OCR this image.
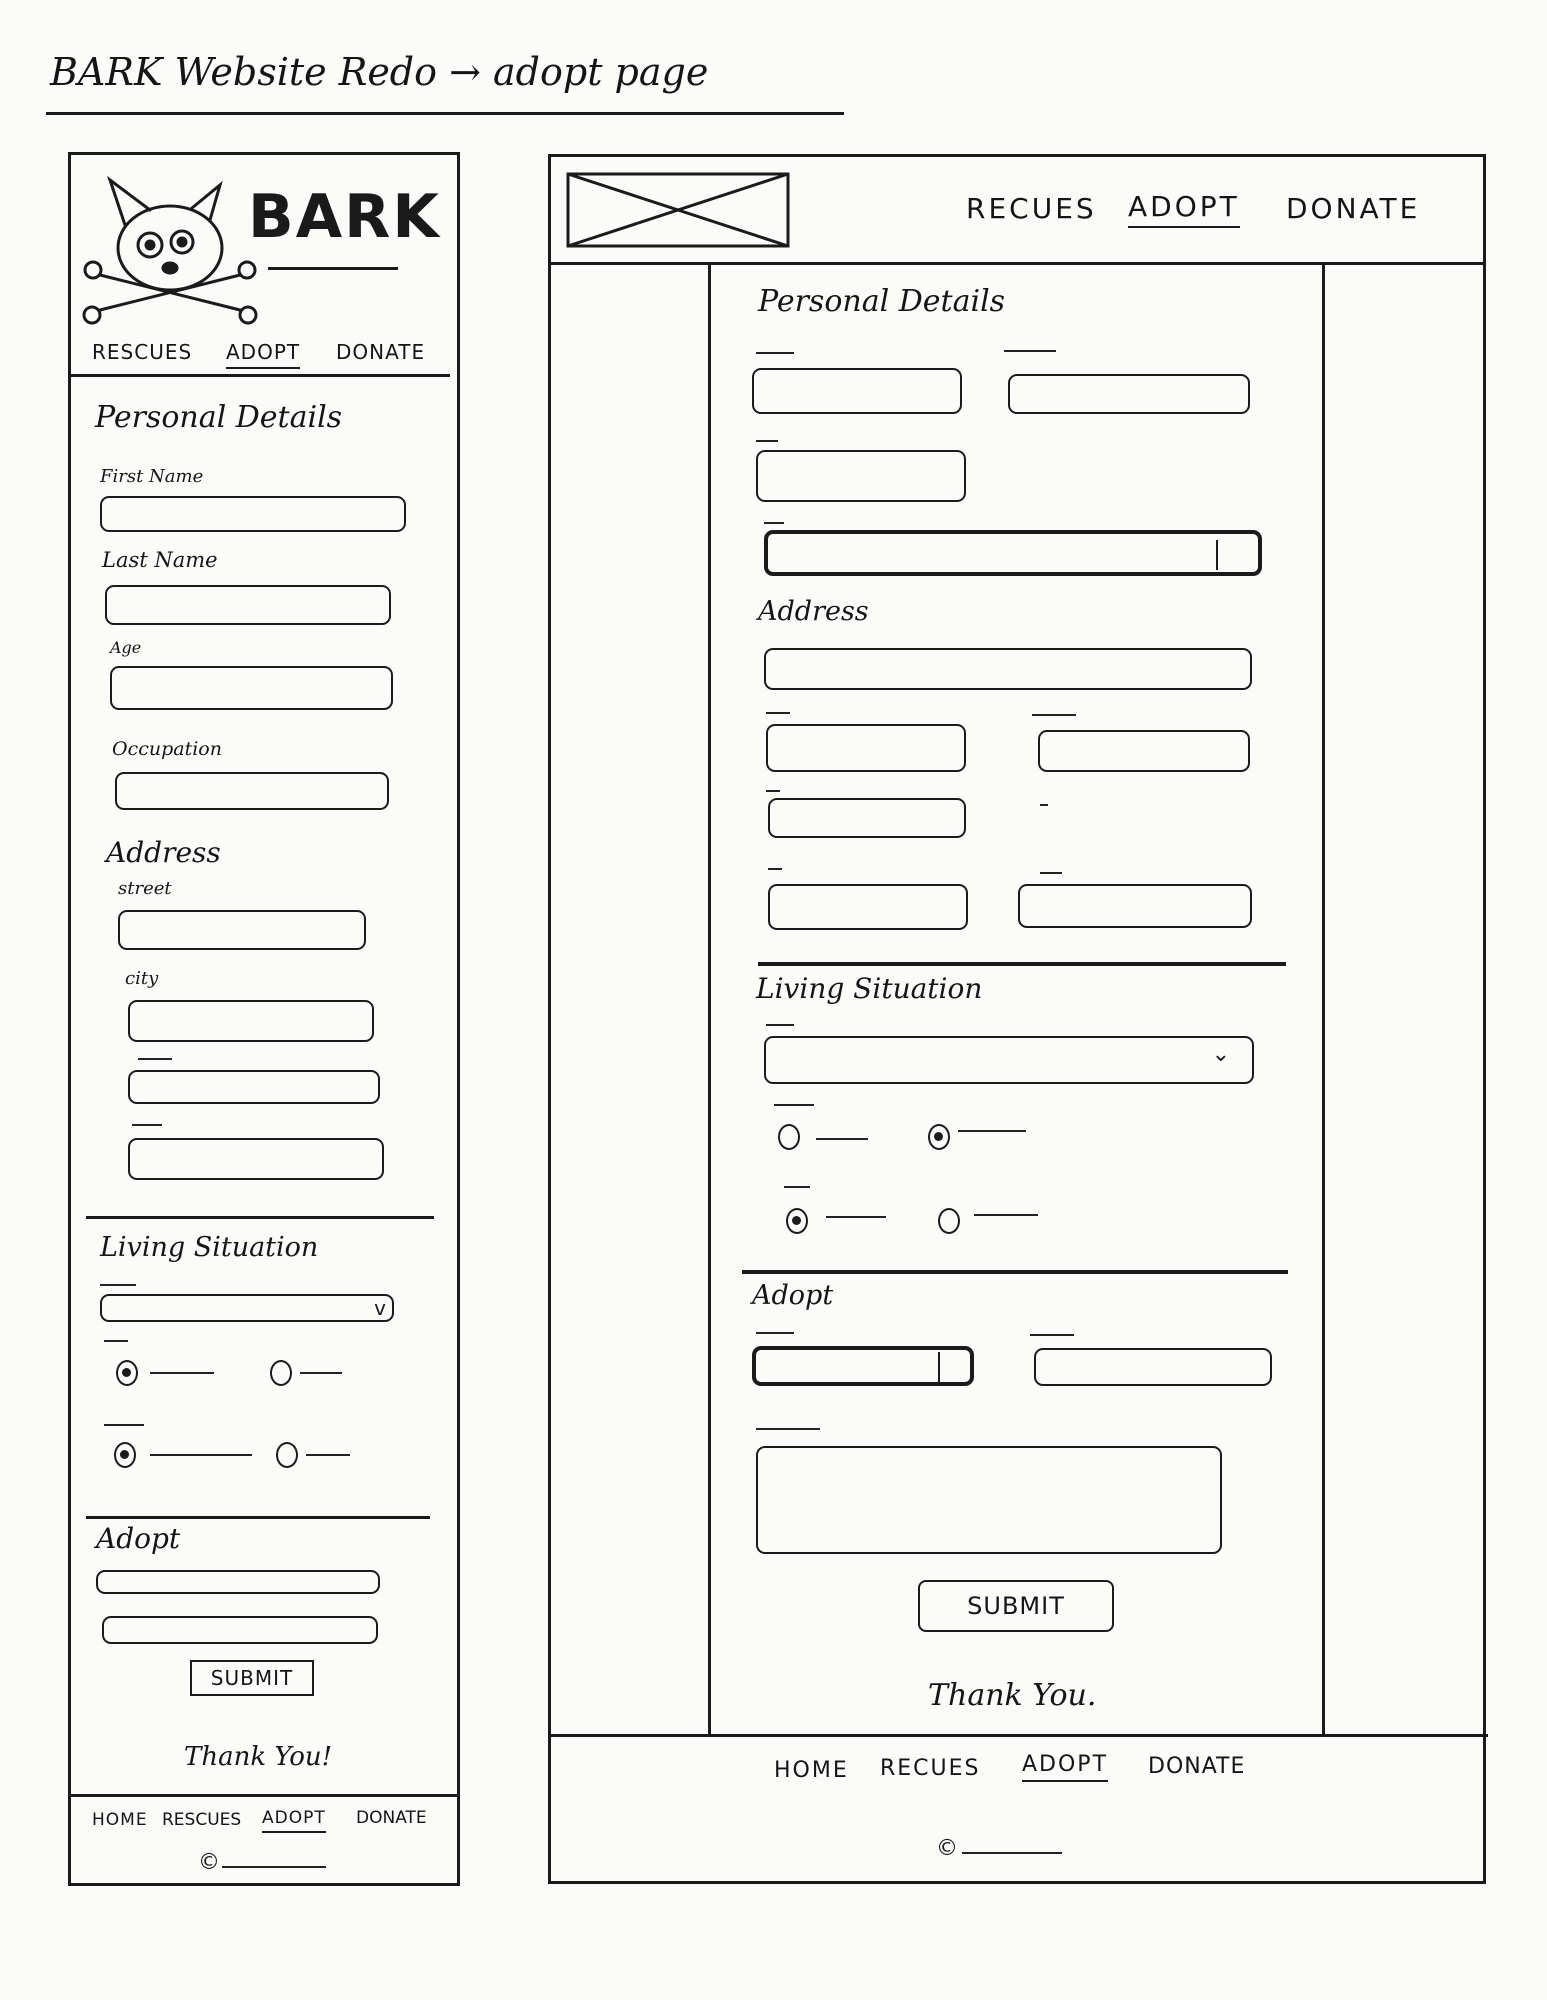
BARK Website Redo → adopt page
BARK
RESCUES ADOPT DONATE
Personal Details
First Name
Last Name
Age
Occupation
Address
street
city
Living Situation
v
Adopt
SUBMIT
Thank You!
HOME RESCUES ADOPT DONATE
©
RECUES ADOPT DONATE
Personal Details
Address
Living Situation
⌄
Adopt
SUBMIT
Thank You.
HOME RECUES ADOPT DONATE
©
